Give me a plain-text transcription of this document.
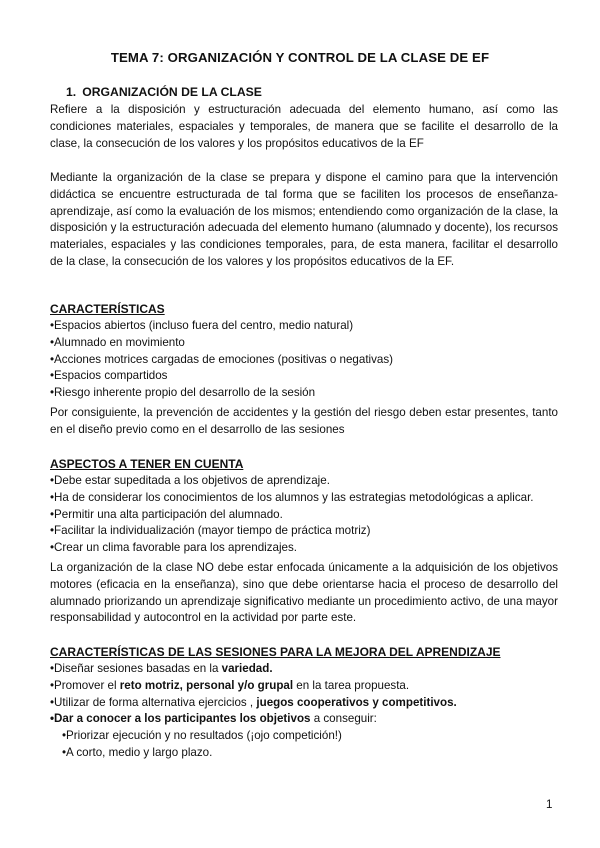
TEMA 7: ORGANIZACIÓN Y CONTROL DE LA CLASE DE EF
1. ORGANIZACIÓN DE LA CLASE
Refiere a la disposición y estructuración adecuada del elemento humano, así como las condiciones materiales, espaciales y temporales, de manera que se facilite el desarrollo de la clase, la consecución de los valores y los propósitos educativos de la EF
Mediante la organización de la clase se prepara y dispone el camino para que la intervención didáctica se encuentre estructurada de tal forma que se faciliten los procesos de enseñanza-aprendizaje, así como la evaluación de los mismos; entendiendo como organización de la clase, la disposición y la estructuración adecuada del elemento humano (alumnado y docente), los recursos materiales, espaciales y las condiciones temporales, para, de esta manera, facilitar el desarrollo de la clase, la consecución de los valores y los propósitos educativos de la EF.
CARACTERÍSTICAS
•Espacios abiertos (incluso fuera del centro, medio natural)
•Alumnado en movimiento
•Acciones motrices cargadas de emociones (positivas o negativas)
•Espacios compartidos
•Riesgo inherente propio del desarrollo de la sesión
Por consiguiente, la prevención de accidentes y la gestión del riesgo deben estar presentes, tanto en el diseño previo como en el desarrollo de las sesiones
ASPECTOS A TENER EN CUENTA
•Debe estar supeditada a los objetivos de aprendizaje.
•Ha de considerar los conocimientos de los alumnos y las estrategias metodológicas a aplicar.
•Permitir una alta participación del alumnado.
•Facilitar la individualización (mayor tiempo de práctica motriz)
•Crear un clima favorable para los aprendizajes.
La organización de la clase NO debe estar enfocada únicamente a la adquisición de los objetivos motores (eficacia en la enseñanza), sino que debe orientarse hacia el proceso de desarrollo del alumnado priorizando un aprendizaje significativo mediante un procedimiento activo, de una mayor responsabilidad y autocontrol en la actividad por parte este.
CARACTERÍSTICAS DE LAS SESIONES PARA LA MEJORA DEL APRENDIZAJE
•Diseñar sesiones basadas en la variedad.
•Promover el reto motriz, personal y/o grupal en la tarea propuesta.
•Utilizar de forma alternativa ejercicios , juegos cooperativos y competitivos.
•Dar a conocer a los participantes los objetivos a conseguir:
•Priorizar ejecución y no resultados (¡ojo competición!)
•A corto, medio y largo plazo.
1
